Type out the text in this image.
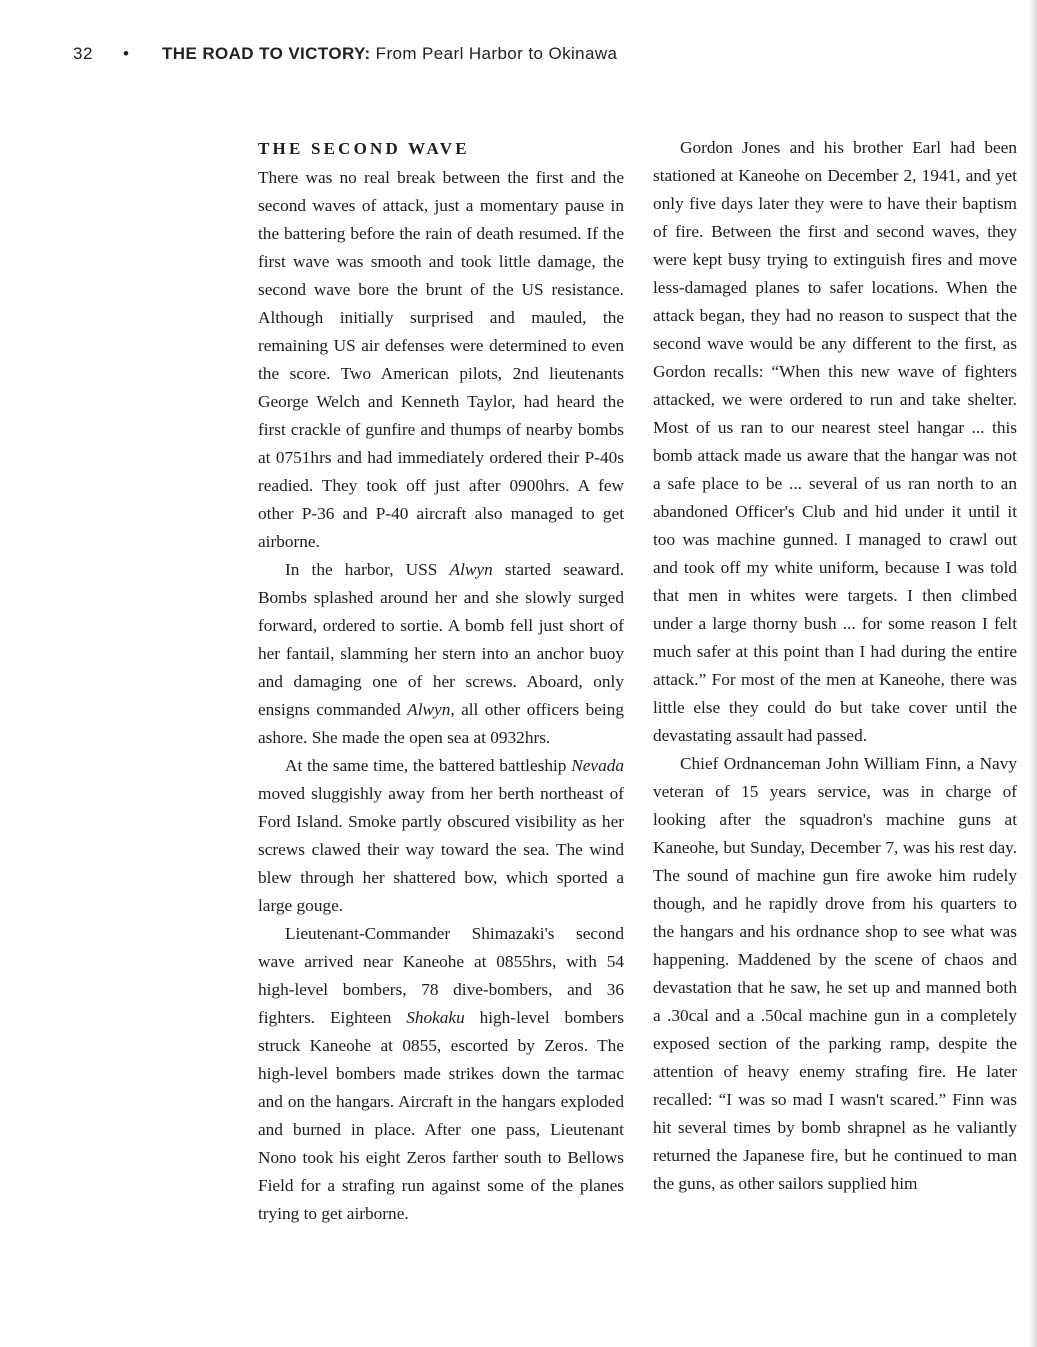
32 • THE ROAD TO VICTORY: From Pearl Harbor to Okinawa
THE SECOND WAVE

There was no real break between the first and the second waves of attack, just a momentary pause in the battering before the rain of death resumed. If the first wave was smooth and took little damage, the second wave bore the brunt of the US resistance. Although initially surprised and mauled, the remaining US air defenses were determined to even the score. Two American pilots, 2nd lieutenants George Welch and Kenneth Taylor, had heard the first crackle of gunfire and thumps of nearby bombs at 0751hrs and had immediately ordered their P-40s readied. They took off just after 0900hrs. A few other P-36 and P-40 aircraft also managed to get airborne.

In the harbor, USS Alwyn started seaward. Bombs splashed around her and she slowly surged forward, ordered to sortie. A bomb fell just short of her fantail, slamming her stern into an anchor buoy and damaging one of her screws. Aboard, only ensigns commanded Alwyn, all other officers being ashore. She made the open sea at 0932hrs.

At the same time, the battered battleship Nevada moved sluggishly away from her berth northeast of Ford Island. Smoke partly obscured visibility as her screws clawed their way toward the sea. The wind blew through her shattered bow, which sported a large gouge.

Lieutenant-Commander Shimazaki's second wave arrived near Kaneohe at 0855hrs, with 54 high-level bombers, 78 dive-bombers, and 36 fighters. Eighteen Shokaku high-level bombers struck Kaneohe at 0855, escorted by Zeros. The high-level bombers made strikes down the tarmac and on the hangars. Aircraft in the hangars exploded and burned in place. After one pass, Lieutenant Nono took his eight Zeros farther south to Bellows Field for a strafing run against some of the planes trying to get airborne.

Gordon Jones and his brother Earl had been stationed at Kaneohe on December 2, 1941, and yet only five days later they were to have their baptism of fire. Between the first and second waves, they were kept busy trying to extinguish fires and move less-damaged planes to safer locations. When the attack began, they had no reason to suspect that the second wave would be any different to the first, as Gordon recalls: “When this new wave of fighters attacked, we were ordered to run and take shelter. Most of us ran to our nearest steel hangar ... this bomb attack made us aware that the hangar was not a safe place to be ... several of us ran north to an abandoned Officer's Club and hid under it until it too was machine gunned. I managed to crawl out and took off my white uniform, because I was told that men in whites were targets. I then climbed under a large thorny bush ... for some reason I felt much safer at this point than I had during the entire attack.” For most of the men at Kaneohe, there was little else they could do but take cover until the devastating assault had passed.

Chief Ordnanceman John William Finn, a Navy veteran of 15 years service, was in charge of looking after the squadron's machine guns at Kaneohe, but Sunday, December 7, was his rest day. The sound of machine gun fire awoke him rudely though, and he rapidly drove from his quarters to the hangars and his ordnance shop to see what was happening. Maddened by the scene of chaos and devastation that he saw, he set up and manned both a .30cal and a .50cal machine gun in a completely exposed section of the parking ramp, despite the attention of heavy enemy strafing fire. He later recalled: “I was so mad I wasn't scared.” Finn was hit several times by bomb shrapnel as he valiantly returned the Japanese fire, but he continued to man the guns, as other sailors supplied him
